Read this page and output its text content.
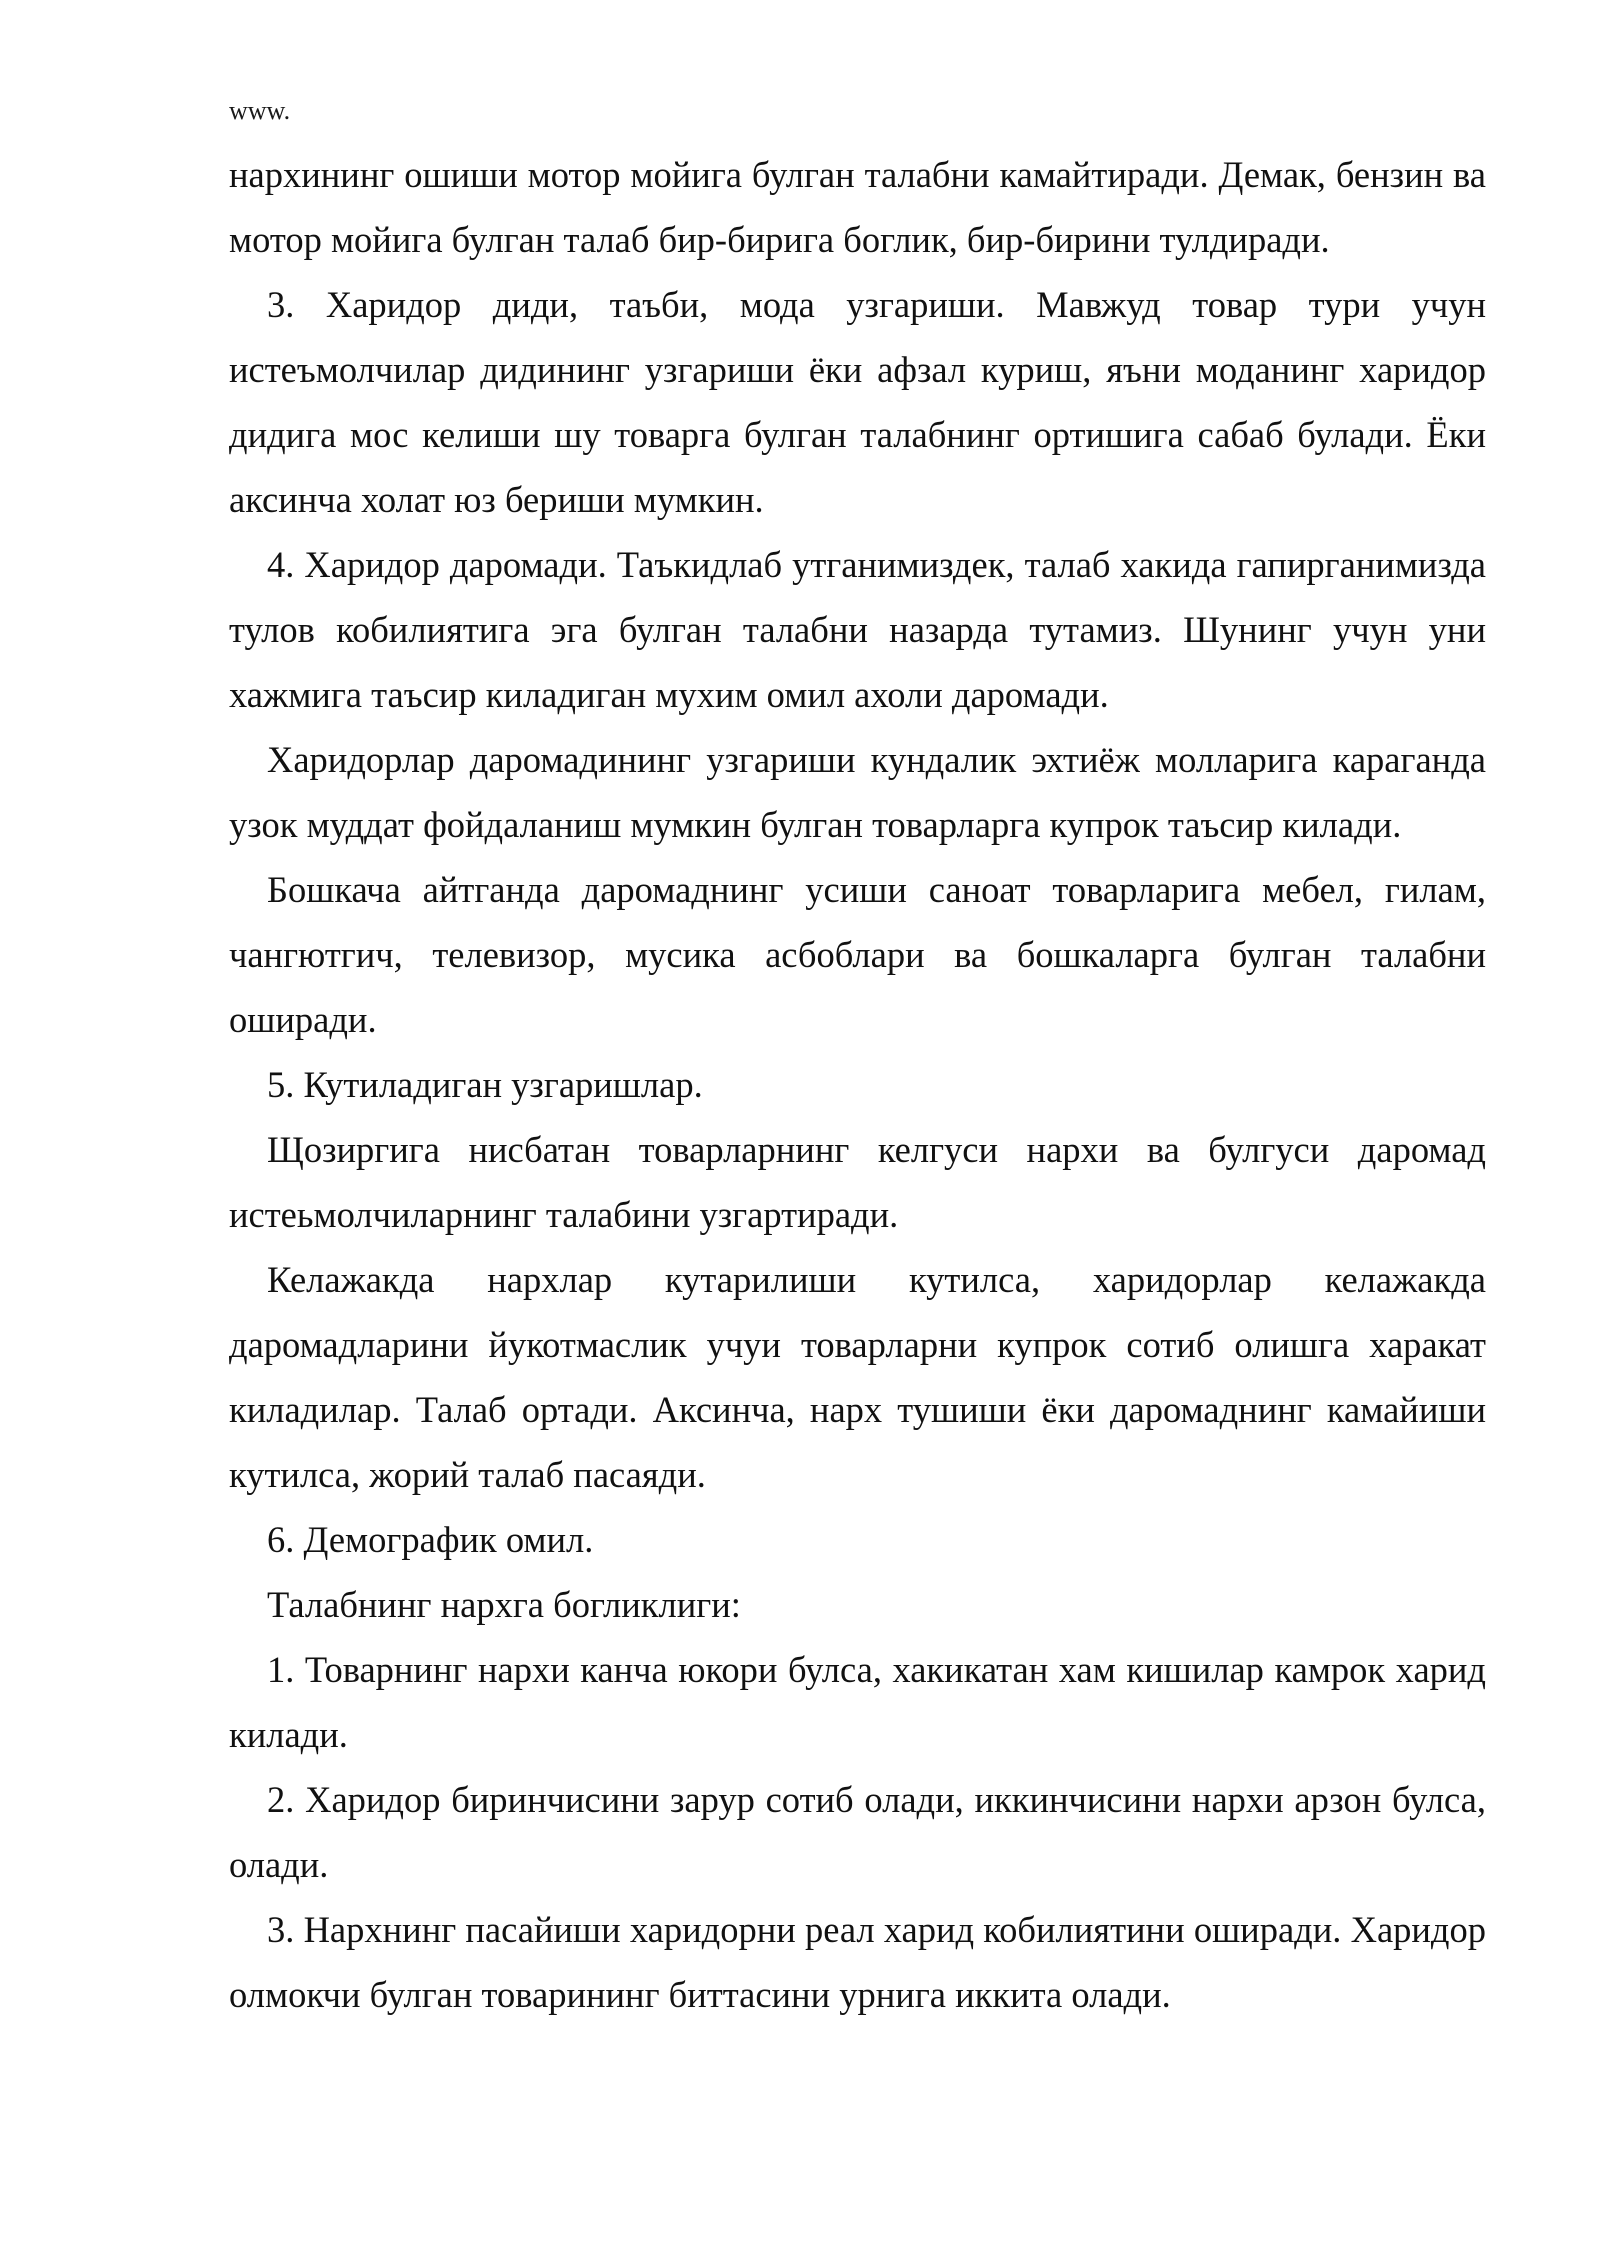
www.

нархининг ошиши мотор мойига булган талабни камайтиради. Демак, бензин ва мотор мойига булган талаб бир-бирига боглик, бир-бирини тулдиради.

3. Харидор диди, таъби, мода узгариши. Мавжуд товар тури учун истеъмолчилар дидининг узгариши ёки афзал куриш, яъни моданинг харидор дидига мос келиши шу товарга булган талабнинг ортишига сабаб булади. Ёки аксинча холат юз бериши мумкин.

4. Харидор даромади. Таъкидлаб утганимиздек, талаб хакида гапирганимизда тулов кобилиятига эга булган талабни назарда тутамиз. Шунинг учун уни хажмига таъсир киладиган мухим омил ахоли даромади.

Харидорлар даромадининг узгариши кундалик эхтиёж молларига караганда узок муддат фойдаланиш мумкин булган товарларга купрок таъсир килади.

Бошкача айтганда даромаднинг усиши саноат товарларига мебел, гилам, чангютгич, телевизор, мусика асбоблари ва бошкаларга булган талабни оширади.

5. Кутиладиган узгаришлар.

Щозиргига нисбатан товарларнинг келгуси нархи ва булгуси даромад истеьмолчиларнинг талабини узгартиради.

Келажакда нархлар кутарилиши кутилса, харидорлар келажакда даромадларини йукотмаслик учуи товарларни купрок сотиб олишга харакат киладилар. Талаб ортади. Аксинча, нарх тушиши ёки даромаднинг камайиши кутилса, жорий талаб пасаяди.

6. Демографик омил.

Талабнинг нархга богликлиги:

1. Товарнинг нархи канча юкори булса, хакикатан хам кишилар камрок харид килади.

2. Харидор биринчисини зарур сотиб олади, иккинчисини нархи арзон булса, олади.

3. Нархнинг пасайиши харидорни реал харид кобилиятини оширади. Харидор олмокчи булган товарининг биттасини урнига иккита олади.
